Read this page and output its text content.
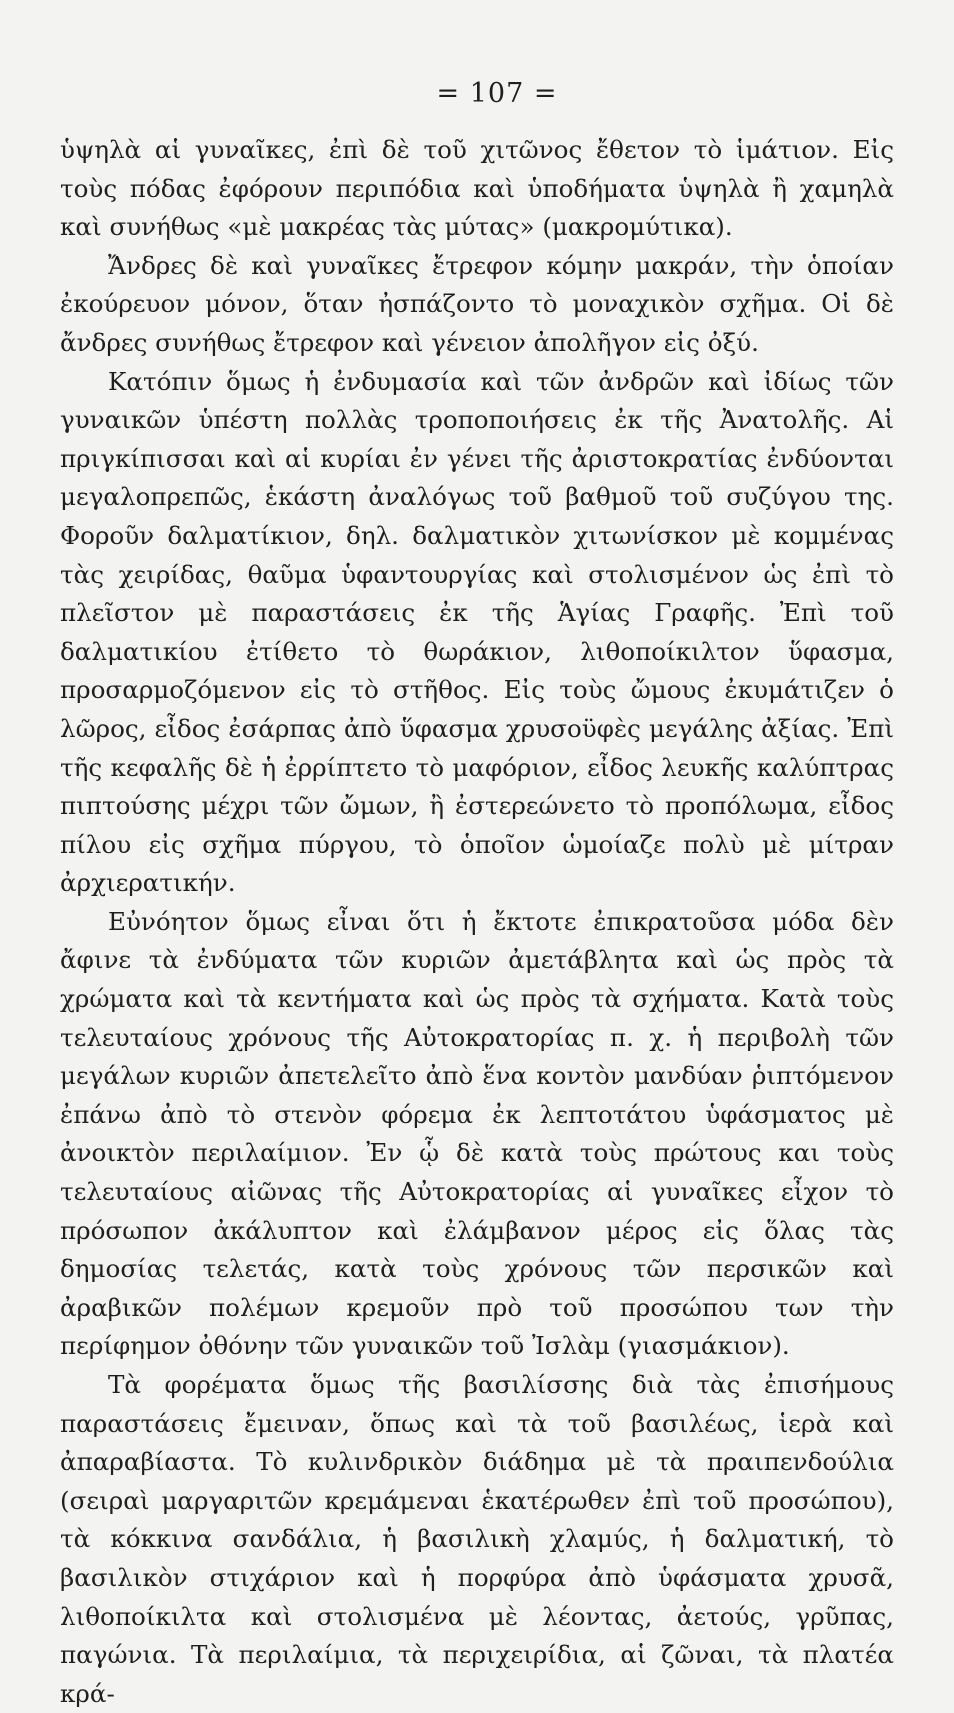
= 107 =

ὑψηλὰ αἱ γυναῖκες, ἐπὶ δὲ τοῦ χιτῶνος ἔθετον τὸ ἱμάτιον. Εἰς τοὺς πόδας ἐφόρουν περιπόδια καὶ ὑποδήματα ὑψηλὰ ἢ χαμηλὰ καὶ συνήθως «μὲ μακρέας τὰς μύτας» (μακρομύτικα).

Ἄνδρες δὲ καὶ γυναῖκες ἔτρεφον κόμην μακράν, τὴν ὁποίαν ἐκούρευον μόνον, ὅταν ἠσπάζοντο τὸ μοναχικὸν σχῆμα. Οἱ δὲ ἄνδρες συνήθως ἔτρεφον καὶ γένειον ἀπολῆγον εἰς ὀξύ.

Κατόπιν ὅμως ἡ ἐνδυμασία καὶ τῶν ἀνδρῶν καὶ ἰδίως τῶν γυναικῶν ὑπέστη πολλὰς τροποποιήσεις ἐκ τῆς Ἀνατολῆς. Αἱ πριγκίπισσαι καὶ αἱ κυρίαι ἐν γένει τῆς ἀριστοκρατίας ἐνδύονται μεγαλοπρεπῶς, ἑκάστη ἀναλόγως τοῦ βαθμοῦ τοῦ συζύγου της. Φοροῦν δαλματίκιον, δηλ. δαλματικὸν χιτωνίσκον μὲ κομμένας τὰς χειρίδας, θαῦμα ὑφαντουργίας καὶ στολισμένον ὡς ἐπὶ τὸ πλεῖστον μὲ παραστάσεις ἐκ τῆς Ἁγίας Γραφῆς. Ἐπὶ τοῦ δαλματικίου ἐτίθετο τὸ θωράκιον, λιθοποίκιλτον ὕφασμα, προσαρμοζόμενον εἰς τὸ στῆθος. Εἰς τοὺς ὤμους ἐκυμάτιζεν ὁ λῶρος, εἶδος ἐσάρπας ἀπὸ ὕφασμα χρυσοϋφὲς μεγάλης ἀξίας. Ἐπὶ τῆς κεφαλῆς δὲ ἡ ἐρρίπτετο τὸ μαφόριον, εἶδος λευκῆς καλύπτρας πιπτούσης μέχρι τῶν ὤμων, ἢ ἐστερεώνετο τὸ προπόλωμα, εἶδος πίλου εἰς σχῆμα πύργου, τὸ ὁποῖον ὡμοίαζε πολὺ μὲ μίτραν ἀρχιερατικήν.

Εὐνόητον ὅμως εἶναι ὅτι ἡ ἔκτοτε ἐπικρατοῦσα μόδα δὲν ἄφινε τὰ ἐνδύματα τῶν κυριῶν ἀμετάβλητα καὶ ὡς πρὸς τὰ χρώματα καὶ τὰ κεντήματα καὶ ὡς πρὸς τὰ σχήματα. Κατὰ τοὺς τελευταίους χρόνους τῆς Αὐτοκρατορίας π. χ. ἡ περιβολὴ τῶν μεγάλων κυριῶν ἀπετελεῖτο ἀπὸ ἕνα κοντὸν μανδύαν ῥιπτόμενον ἐπάνω ἀπὸ τὸ στενὸν φόρεμα ἐκ λεπτοτάτου ὑφάσματος μὲ ἀνοικτὸν περιλαίμιον. Ἐν ᾧ δὲ κατὰ τοὺς πρώτους και τοὺς τελευταίους αἰῶνας τῆς Αὐτοκρατορίας αἱ γυναῖκες εἶχον τὸ πρόσωπον ἀκάλυπτον καὶ ἐλάμβανον μέρος εἰς ὅλας τὰς δημοσίας τελετάς, κατὰ τοὺς χρόνους τῶν περσικῶν καὶ ἀραβικῶν πολέμων κρεμοῦν πρὸ τοῦ προσώπου των τὴν περίφημον ὀθόνην τῶν γυναικῶν τοῦ Ἰσλὰμ (γιασμάκιον).

Τὰ φορέματα ὅμως τῆς βασιλίσσης διὰ τὰς ἐπισήμους παραστάσεις ἔμειναν, ὅπως καὶ τὰ τοῦ βασιλέως, ἱερὰ καὶ ἀπαραβίαστα. Τὸ κυλινδρικὸν διάδημα μὲ τὰ πραιπενδούλια (σειραὶ μαργαριτῶν κρεμάμεναι ἑκατέρωθεν ἐπὶ τοῦ προσώπου), τὰ κόκκινα σανδάλια, ἡ βασιλικὴ χλαμύς, ἡ δαλματική, τὸ βασιλικὸν στιχάριον καὶ ἡ πορφύρα ἀπὸ ὑφάσματα χρυσᾶ, λιθοποίκιλτα καὶ στολισμένα μὲ λέοντας, ἀετούς, γρῦπας, παγώνια. Τὰ περιλαίμια, τὰ περιχειρίδια, αἱ ζῶναι, τὰ πλατέα κρά-
